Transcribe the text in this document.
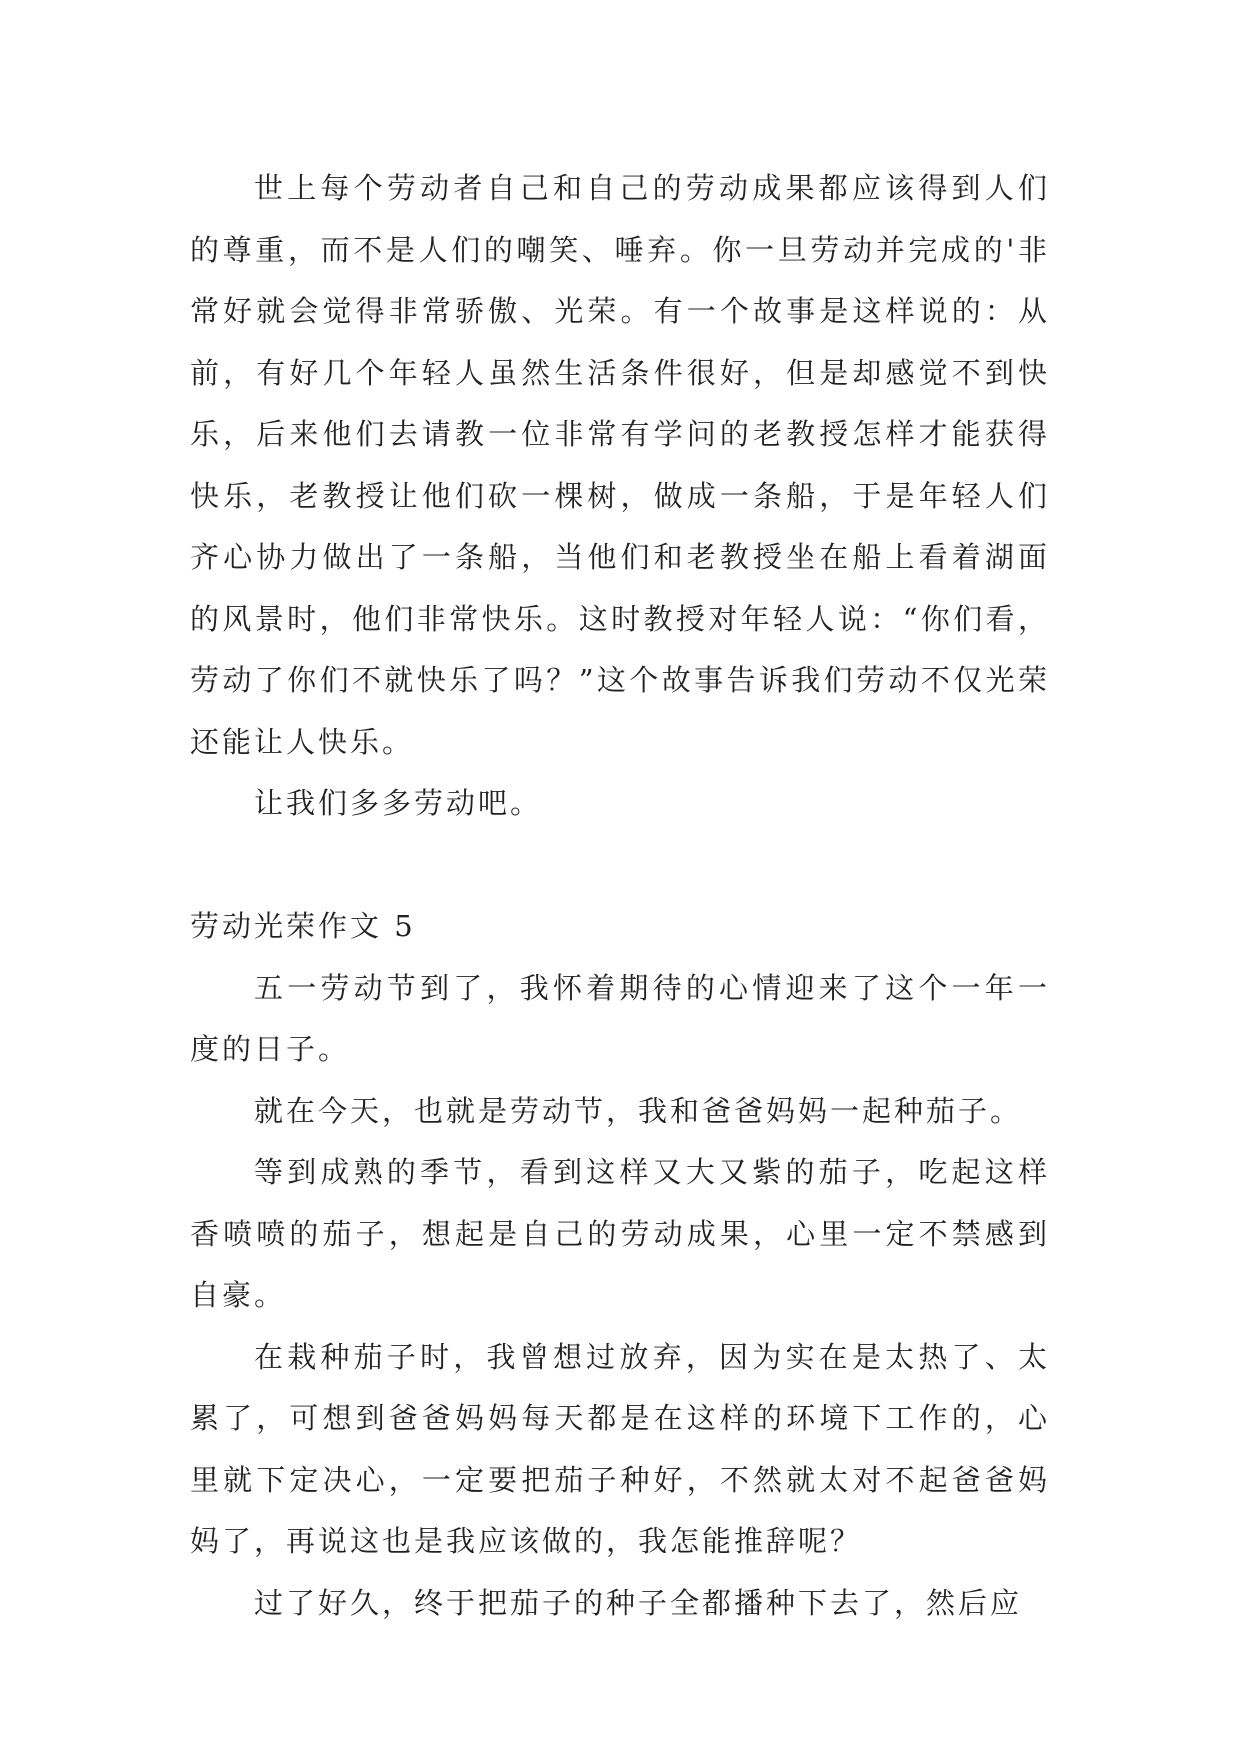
世上每个劳动者自己和自己的劳动成果都应该得到人们的尊重，而不是人们的嘲笑、唾弃。你一旦劳动并完成的'非常好就会觉得非常骄傲、光荣。有一个故事是这样说的：从前，有好几个年轻人虽然生活条件很好，但是却感觉不到快乐，后来他们去请教一位非常有学问的老教授怎样才能获得快乐，老教授让他们砍一棵树，做成一条船，于是年轻人们齐心协力做出了一条船，当他们和老教授坐在船上看着湖面的风景时，他们非常快乐。这时教授对年轻人说：“你们看，劳动了你们不就快乐了吗？”这个故事告诉我们劳动不仅光荣还能让人快乐。

让我们多多劳动吧。

劳动光荣作文 5

五一劳动节到了，我怀着期待的心情迎来了这个一年一度的日子。

就在今天，也就是劳动节，我和爸爸妈妈一起种茄子。

等到成熟的季节，看到这样又大又紫的茄子，吃起这样香喷喷的茄子，想起是自己的劳动成果，心里一定不禁感到自豪。

在栽种茄子时，我曾想过放弃，因为实在是太热了、太累了，可想到爸爸妈妈每天都是在这样的环境下工作的，心里就下定决心，一定要把茄子种好，不然就太对不起爸爸妈妈了，再说这也是我应该做的，我怎能推辞呢？

过了好久，终于把茄子的种子全都播种下去了，然后应
